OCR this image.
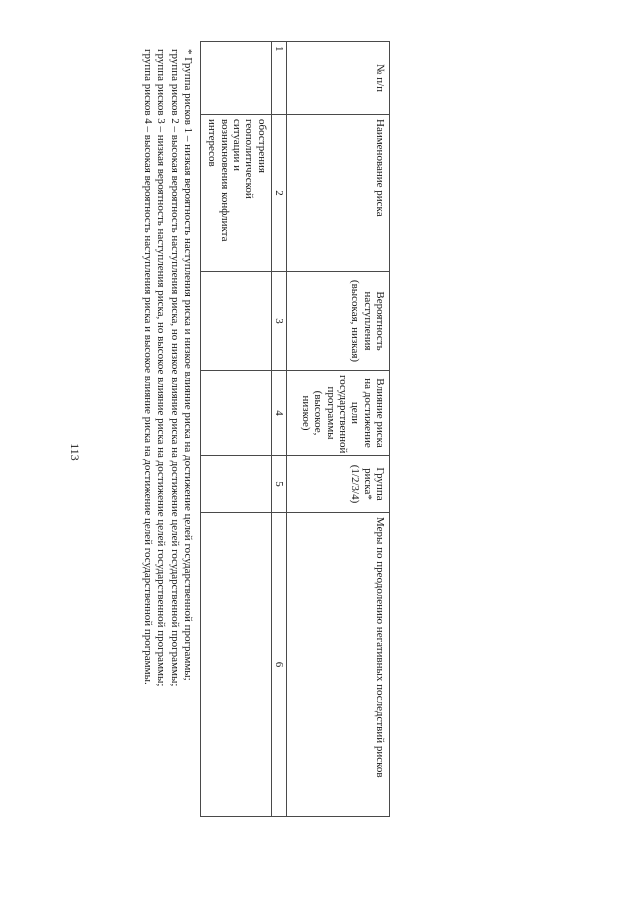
113
№ п/п	Наименование риска	Вероятность наступления (высокая, низкая)	Влияние риска на достижение цели государственной программы (высокое, низкое)	Группа риска* (1/2/3/4)	Меры по преодолению негативных последствий рисков
1	2	3	4	5	6

	обострения
геополитической
ситуации и
возникновения конфликта
интересов				

* Группа рисков 1 – низкая вероятность наступления риска и низкое влияние риска на достижение целей государственной программы;
группа рисков 2 – высокая вероятность наступления риска, но низкое влияние риска на достижение целей государственной программы;
группа рисков 3 – низкая вероятность наступления риска, но высокое влияние риска на достижение целей государственной программы;
группа рисков 4 – высокая вероятность наступления риска и высокое влияние риска на достижение целей государственной программы.
